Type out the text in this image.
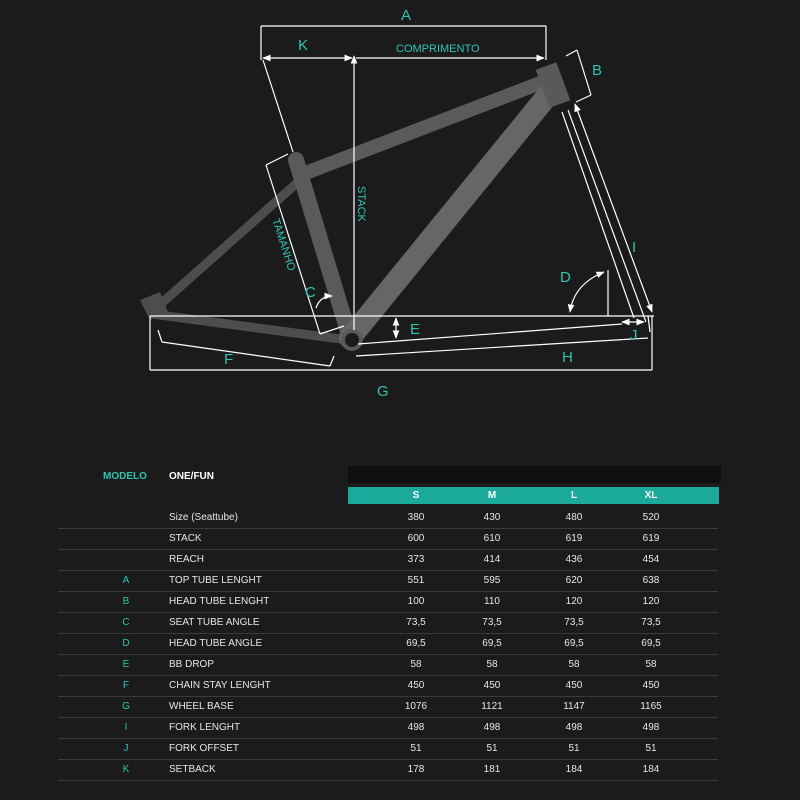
A
K	COMPRIMENTO
B
STACK
TAMANHO
C
I
D
E	J
F	H
G
MODELO ONE/FUN
S	M	L	XL
Size (Seattube)	380	430	480	520
STACK	600	610	619	619
REACH	373	414	436	454
A	TOP TUBE LENGHT	551	595	620	638
B	HEAD TUBE LENGHT	100	110	120	120
C	SEAT TUBE ANGLE	73,5	73,5	73,5	73,5
D	HEAD TUBE ANGLE	69,5	69,5	69,5	69,5
E	BB DROP	58	58	58	58
F	CHAIN STAY LENGHT	450	450	450	450
G	WHEEL BASE	1076	1121	1147	1165
I	FORK LENGHT	498	498	498	498
J	FORK OFFSET	51	51	51	51
K	SETBACK	178	181	184	184
